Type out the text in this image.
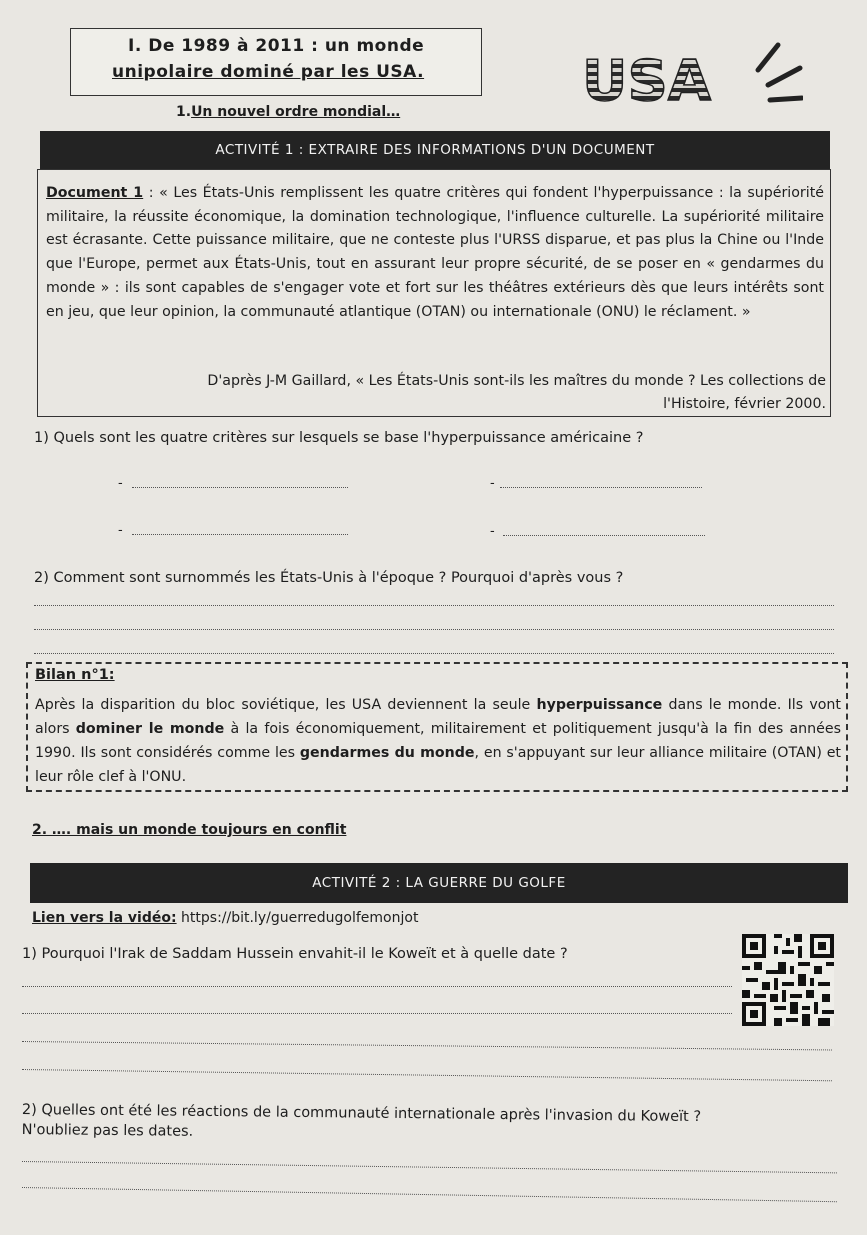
I. De 1989 à 2011 : un monde
unipolaire dominé par les USA.	USA
1.Un nouvel ordre mondial…
ACTIVITÉ 1 : EXTRAIRE DES INFORMATIONS D'UN DOCUMENT
Document 1 : « Les États-Unis remplissent les quatre critères qui fondent l'hyperpuissance : la supériorité militaire, la réussite économique, la domination technologique, l'influence culturelle. La supériorité militaire est écrasante. Cette puissance militaire, que ne conteste plus l'URSS disparue, et pas plus la Chine ou l'Inde que l'Europe, permet aux États-Unis, tout en assurant leur propre sécurité, de se poser en « gendarmes du monde » : ils sont capables de s'engager vote et fort sur les théâtres extérieurs dès que leurs intérêts sont en jeu, que leur opinion, la communauté atlantique (OTAN) ou internationale (ONU) le réclament. »
D'après J-M Gaillard, « Les États-Unis sont-ils les maîtres du monde ? Les collections de
l'Histoire, février 2000.
1) Quels sont les quatre critères sur lesquels se base l'hyperpuissance américaine ?
-	-
-	-
2) Comment sont surnommés les États-Unis à l'époque ? Pourquoi d'après vous ?
Bilan n°1:
Après la disparition du bloc soviétique, les USA deviennent la seule hyperpuissance dans le monde. Ils vont alors dominer le monde à la fois économiquement, militairement et politiquement jusqu'à la fin des années 1990. Ils sont considérés comme les gendarmes du monde, en s'appuyant sur leur alliance militaire (OTAN) et leur rôle clef à l'ONU.
2. …. mais un monde toujours en conflit
ACTIVITÉ 2 : LA GUERRE DU GOLFE
Lien vers la vidéo: https://bit.ly/guerredugolfemonjot
1) Pourquoi l'Irak de Saddam Hussein envahit-il le Koweït et à quelle date ?
2) Quelles ont été les réactions de la communauté internationale après l'invasion du Koweït ?
N'oubliez pas les dates.
